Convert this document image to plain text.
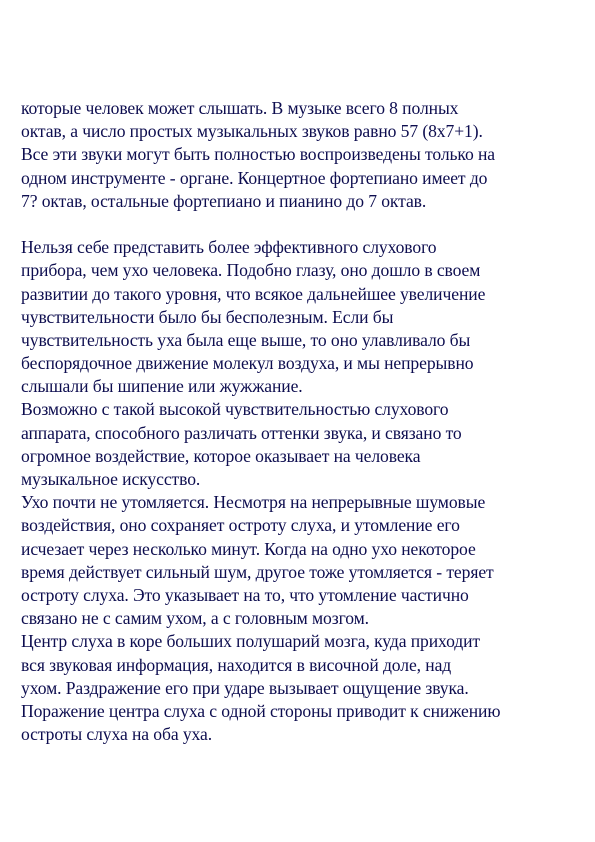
которые человек может слышать. В музыке всего 8 полных
октав, а число простых музыкальных звуков равно 57 (8х7+1).
Все эти звуки могут быть полностью воспроизведены только на
одном инструменте - органе. Концертное фортепиано имеет до
7? октав, остальные фортепиано и пианино до 7 октав.
Нельзя себе представить более эффективного слухового
прибора, чем ухо человека. Подобно глазу, оно дошло в своем
развитии до такого уровня, что всякое дальнейшее увеличение
чувствительности было бы бесполезным. Если бы
чувствительность уха была еще выше, то оно улавливало бы
беспорядочное движение молекул воздуха, и мы непрерывно
слышали бы шипение или жужжание.
Возможно с такой высокой чувствительностью слухового
аппарата, способного различать оттенки звука, и связано то
огромное воздействие, которое оказывает на человека
музыкальное искусство.
Ухо почти не утомляется. Несмотря на непрерывные шумовые
воздействия, оно сохраняет остроту слуха, и утомление его
исчезает через несколько минут. Когда на одно ухо некоторое
время действует сильный шум, другое тоже утомляется - теряет
остроту слуха. Это указывает на то, что утомление частично
связано не с самим ухом, а с головным мозгом.
Центр слуха в коре больших полушарий мозга, куда приходит
вся звуковая информация, находится в височной доле, над
ухом. Раздражение его при ударе вызывает ощущение звука.
Поражение центра слуха с одной стороны приводит к снижению
остроты слуха на оба уха.
